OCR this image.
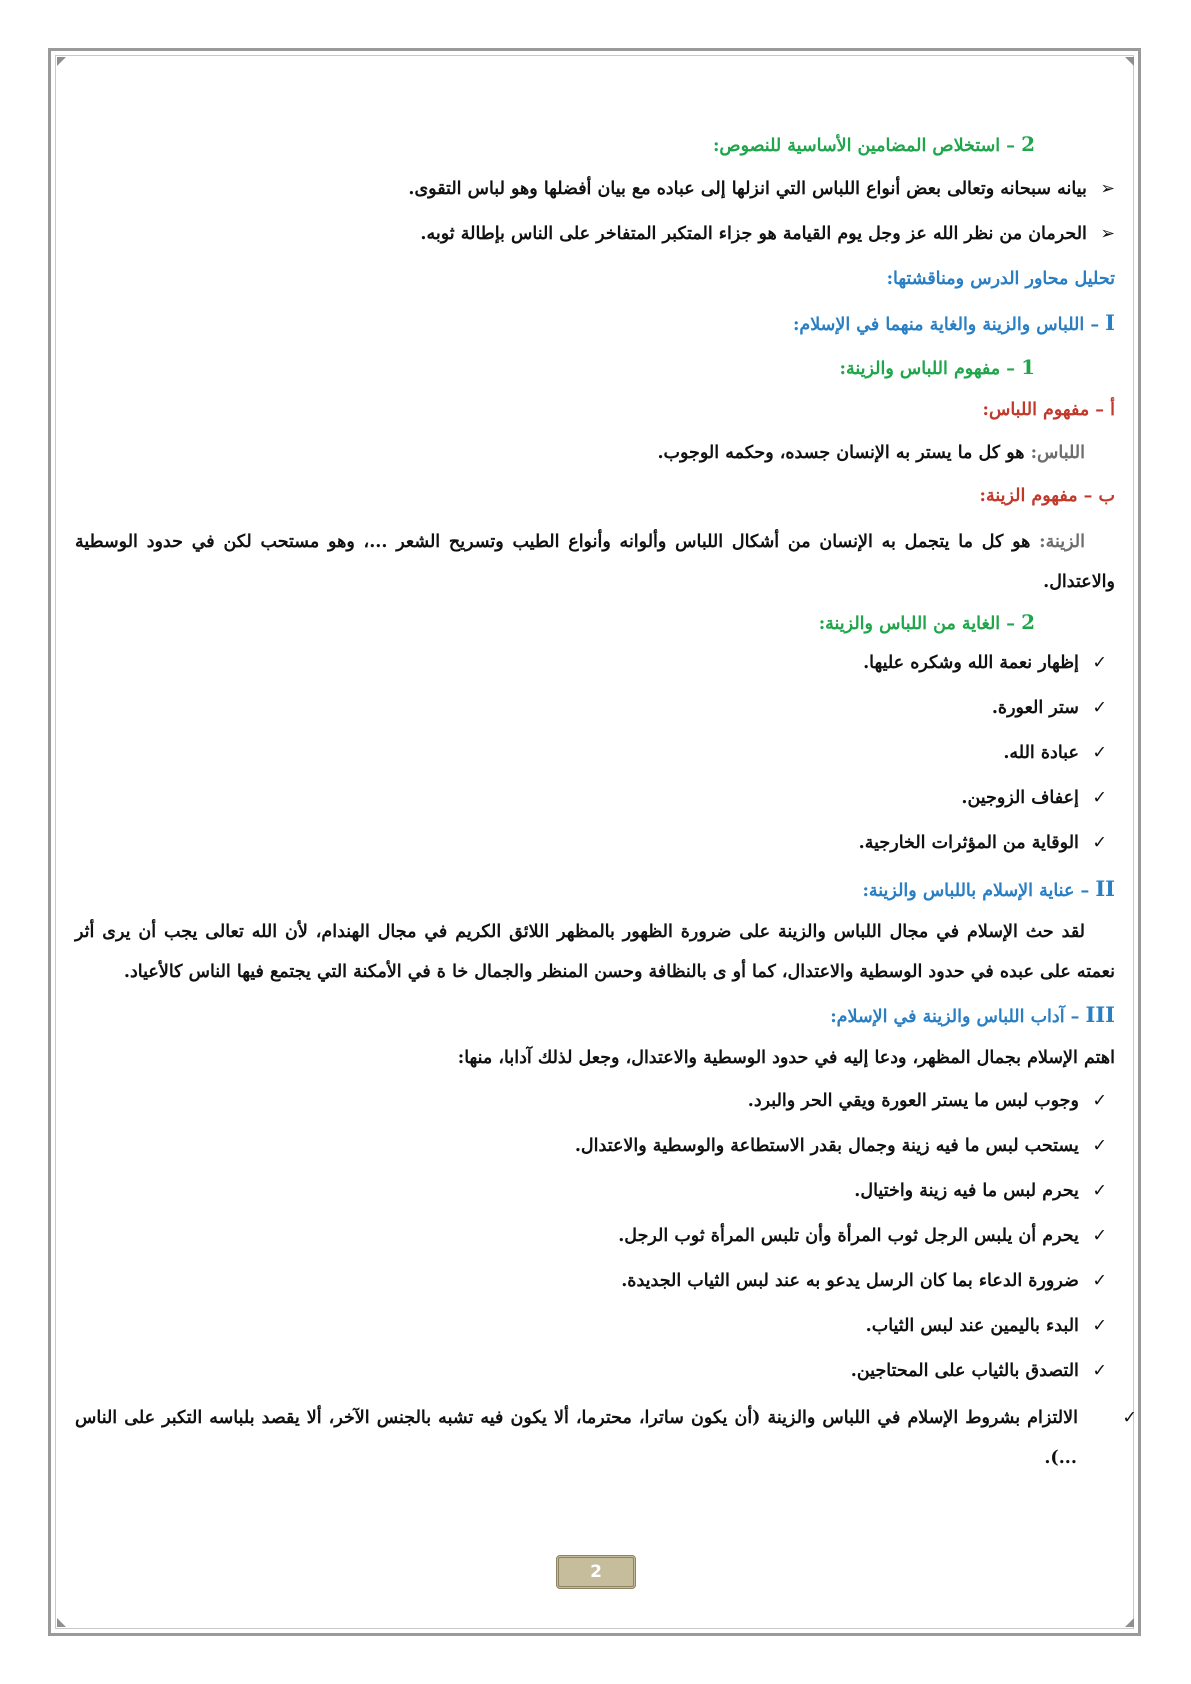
2 – استخلاص المضامين الأساسية للنصوص:
➢ بيانه سبحانه وتعالى بعض أنواع اللباس التي انزلها إلى عباده مع بيان أفضلها وهو لباس التقوى.
➢ الحرمان من نظر الله عز وجل يوم القيامة هو جزاء المتكبر المتفاخر على الناس بإطالة ثوبه.
تحليل محاور الدرس ومناقشتها:
I – اللباس والزينة والغاية منهما في الإسلام:
1 – مفهوم اللباس والزينة:
أ – مفهوم اللباس:
اللباس: هو كل ما يستر به الإنسان جسده، وحكمه الوجوب.
ب – مفهوم الزينة:
الزينة: هو كل ما يتجمل به الإنسان من أشكال اللباس وألوانه وأنواع الطيب وتسريح الشعر ...، وهو مستحب لكن في حدود الوسطية والاعتدال.
2 – الغاية من اللباس والزينة:
✓ إظهار نعمة الله وشكره عليها.
✓ ستر العورة.
✓ عبادة الله.
✓ إعفاف الزوجين.
✓ الوقاية من المؤثرات الخارجية.
II – عناية الإسلام باللباس والزينة:
لقد حث الإسلام في مجال اللباس والزينة على ضرورة الظهور بالمظهر اللائق الكريم في مجال الهندام، لأن الله تعالى يجب أن يرى أثر نعمته على عبده في حدود الوسطية والاعتدال، كما أو ى بالنظافة وحسن المنظر والجمال خا ة في الأمكنة التي يجتمع فيها الناس كالأعياد.
III – آداب اللباس والزينة في الإسلام:
اهتم الإسلام بجمال المظهر، ودعا إليه في حدود الوسطية والاعتدال، وجعل لذلك آدابا، منها:
✓ وجوب لبس ما يستر العورة ويقي الحر والبرد.
✓ يستحب لبس ما فيه زينة وجمال بقدر الاستطاعة والوسطية والاعتدال.
✓ يحرم لبس ما فيه زينة واختيال.
✓ يحرم أن يلبس الرجل ثوب المرأة وأن تلبس المرأة ثوب الرجل.
✓ ضرورة الدعاء بما كان الرسل يدعو به عند لبس الثياب الجديدة.
✓ البدء باليمين عند لبس الثياب.
✓ التصدق بالثياب على المحتاجين.
✓ الالتزام بشروط الإسلام في اللباس والزينة (أن يكون ساترا، محترما، ألا يكون فيه تشبه بالجنس الآخر، ألا يقصد بلباسه التكبر على الناس ...).
2
